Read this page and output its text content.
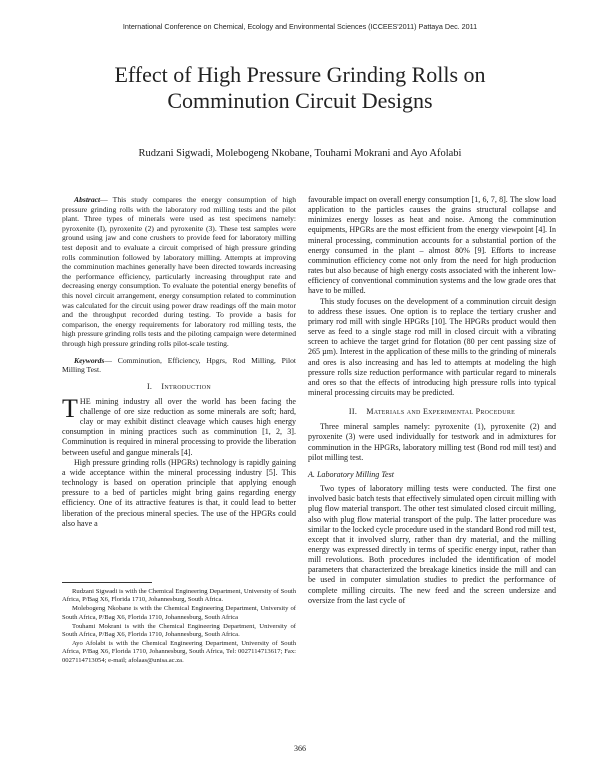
International Conference on Chemical, Ecology and Environmental Sciences (ICCEES'2011) Pattaya Dec. 2011
Effect of High Pressure Grinding Rolls on
Comminution Circuit Designs
Rudzani Sigwadi, Molebogeng Nkobane, Touhami Mokrani and Ayo Afolabi

Abstract— This study compares the energy consumption of high pressure grinding rolls with the laboratory rod milling tests and the pilot plant. Three types of minerals were used as test specimens namely: pyroxenite (I), pyroxenite (2) and pyroxenite (3). These test samples were ground using jaw and cone crushers to provide feed for laboratory milling test deposit and to evaluate a circuit comprised of high pressure grinding rolls comminution followed by laboratory milling. Attempts at improving the comminution machines generally have been directed towards increasing the performance efficiency, particularly increasing throughput rate and decreasing energy consumption. To evaluate the potential energy benefits of this novel circuit arrangement, energy consumption related to comminution was calculated for the circuit using power draw readings off the main motor and the throughput recorded during testing. To provide a basis for comparison, the energy requirements for laboratory rod milling tests, the high pressure grinding rolls tests and the piloting campaign were determined through high pressure grinding rolls pilot-scale testing.

Keywords— Comminution, Efficiency, Hpgrs, Rod Milling, Pilot Milling Test.

I. Introduction

THE mining industry all over the world has been facing the challenge of ore size reduction as some minerals are soft; hard, clay or may exhibit distinct cleavage which causes high energy consumption in mining practices such as comminution [1, 2, 3]. Comminution is required in mineral processing to provide the liberation between useful and gangue minerals [4].

High pressure grinding rolls (HPGRs) technology is rapidly gaining a wide acceptance within the mineral processing industry [5]. This technology is based on operation principle that applying enough pressure to a bed of particles might bring gains regarding energy efficiency. One of its attractive features is that, it could lead to better liberation of the precious mineral species. The use of the HPGRs could also have a

Rudzani Sigwadi is with the Chemical Engineering Department, University of South Africa, P/Bag X6, Florida 1710, Johannesburg, South Africa.

Molebogeng Nkobane is with the Chemical Engineering Department, University of South Africa, P/Bag X6, Florida 1710, Johannesburg, South Africa

Touhami Mokrani is with the Chemical Engineering Department, University of South Africa, P/Bag X6, Florida 1710, Johannesburg, South Africa.

Ayo Afolabi is with the Chemical Engineering Department, University of South Africa, P/Bag X6, Florida 1710, Johannesburg, South Africa, Tel: 0027114713617; Fax: 0027114713054; e-mail; afolaas@unisa.ac.za.

favourable impact on overall energy consumption [1, 6, 7, 8]. The slow load application to the particles causes the grains structural collapse and minimizes energy losses as heat and noise. Among the comminution equipments, HPGRs are the most efficient from the energy viewpoint [4]. In mineral processing, comminution accounts for a substantial portion of the energy consumed in the plant – almost 80% [9]. Efforts to increase comminution efficiency come not only from the need for high production rates but also because of high energy costs associated with the inherent low-efficiency of conventional comminution systems and the low grade ores that have to be milled.

This study focuses on the development of a comminution circuit design to address these issues. One option is to replace the tertiary crusher and primary rod mill with single HPGRs [10]. The HPGRs product would then serve as feed to a single stage rod mill in closed circuit with a vibrating screen to achieve the target grind for flotation (80 per cent passing size of 265 µm). Interest in the application of these mills to the grinding of minerals and ores is also increasing and has led to attempts at modeling the high pressure rolls size reduction performance with particular regard to minerals and ores so that the effects of introducing high pressure rolls into typical mineral processing circuits may be predicted.

II. Materials and Experimental Procedure

Three mineral samples namely: pyroxenite (1), pyroxenite (2) and pyroxenite (3) were used individually for testwork and in admixtures for comminution in the HPGRs, laboratory milling test (Bond rod mill test) and pilot milling test.

A. Laboratory Milling Test

Two types of laboratory milling tests were conducted. The first one involved basic batch tests that effectively simulated open circuit milling with plug flow material transport. The other test simulated closed circuit milling, also with plug flow material transport of the pulp. The latter procedure was similar to the locked cycle procedure used in the standard Bond rod mill test, except that it involved slurry, rather than dry material, and the milling energy was expressed directly in terms of specific energy input, rather than mill revolutions. Both procedures included the identification of model parameters that characterized the breakage kinetics inside the mill and can be used in computer simulation studies to predict the performance of complete milling circuits. The new feed and the screen undersize and oversize from the last cycle of

366
